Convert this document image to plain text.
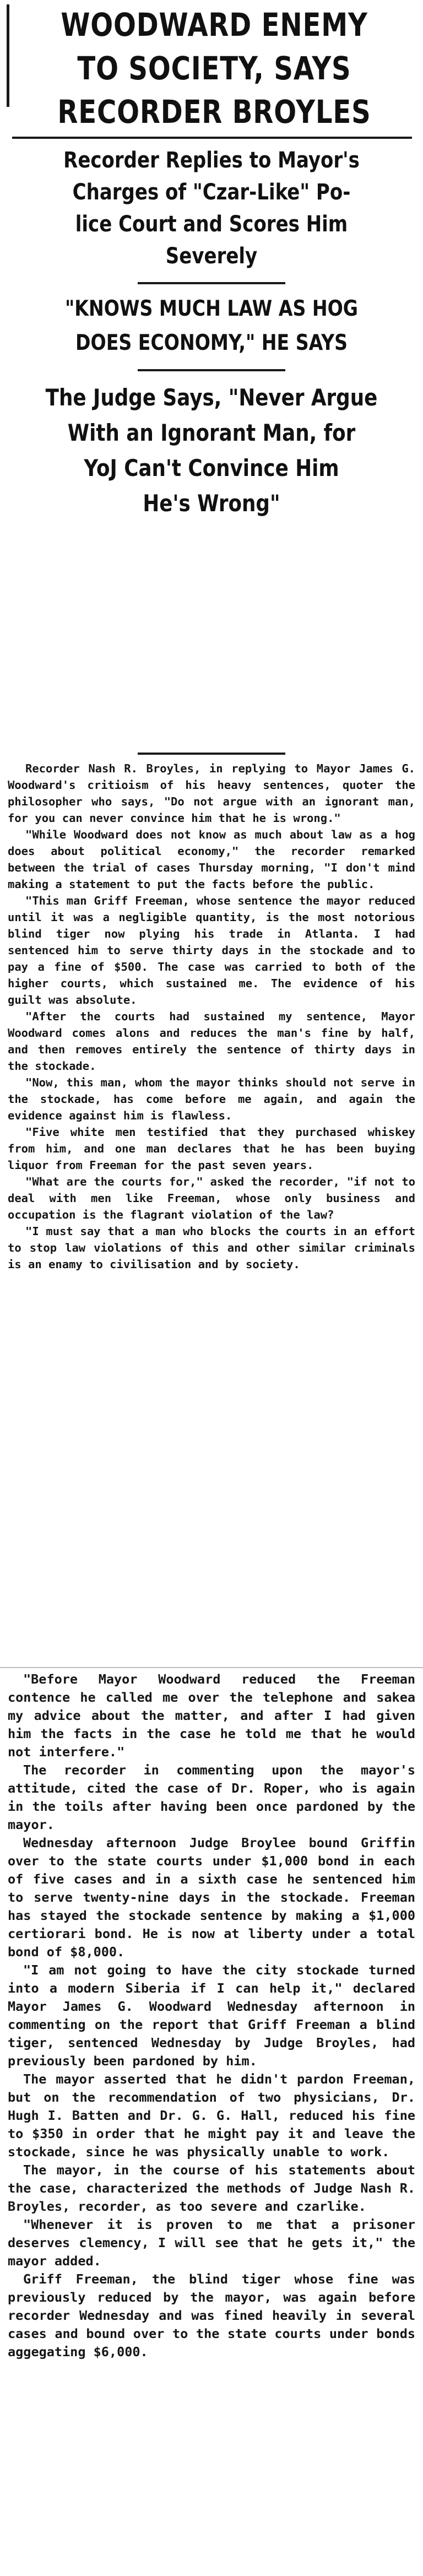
WOODWARD ENEMY
TO SOCIETY, SAYS
RECORDER BROYLES
Recorder Replies to Mayor's
Charges of "Czar-Like" Po-
lice Court and Scores Him
Severely
"KNOWS MUCH LAW AS HOG
DOES ECONOMY," HE SAYS
The Judge Says, "Never Argue
With an Ignorant Man, for
YoJ Can't Convince Him
He's Wrong"

Recorder Nash R. Broyles, in replying to Mayor James G. Woodward's critioism of his heavy sentences, quoter the philosopher who says, "Do not argue with an ignorant man, for you can never convince him that he is wrong."

"While Woodward does not know as much about law as a hog does about political economy," the recorder remarked between the trial of cases Thursday morning, "I don't mind making a statement to put the facts before the public.

"This man Griff Freeman, whose sentence the mayor reduced until it was a negligible quantity, is the most notorious blind tiger now plying his trade in Atlanta. I had sentenced him to serve thirty days in the stockade and to pay a fine of $500. The case was carried to both of the higher courts, which sustained me. The evidence of his guilt was absolute.

"After the courts had sustained my sentence, Mayor Woodward comes alons and reduces the man's fine by half, and then removes entirely the sentence of thirty days in the stockade.

"Now, this man, whom the mayor thinks should not serve in the stockade, has come before me again, and again the evidence against him is flawless.

"Five white men testified that they purchased whiskey from him, and one man declares that he has been buying liquor from Freeman for the past seven years.

"What are the courts for," asked the recorder, "if not to deal with men like Freeman, whose only business and occupation is the flagrant violation of the law?

"I must say that a man who blocks the courts in an effort to stop law violations of this and other similar criminals is an enamy to civilisation and by society.

"Before Mayor Woodward reduced the Freeman contence he called me over the telephone and sakea my advice about the matter, and after I had given him the facts in the case he told me that he would not interfere."

The recorder in commenting upon the mayor's attitude, cited the case of Dr. Roper, who is again in the toils after having been once pardoned by the mayor.

Wednesday afternoon Judge Broylee bound Griffin over to the state courts under $1,000 bond in each of five cases and in a sixth case he sentenced him to serve twenty-nine days in the stockade. Freeman has stayed the stockade sentence by making a $1,000 certiorari bond. He is now at liberty under a total bond of $8,000.

"I am not going to have the city stockade turned into a modern Siberia if I can help it," declared Mayor James G. Woodward Wednesday afternoon in commenting on the report that Griff Freeman a blind tiger, sentenced Wednesday by Judge Broyles, had previously been pardoned by him.

The mayor asserted that he didn't pardon Freeman, but on the recommendation of two physicians, Dr. Hugh I. Batten and Dr. G. G. Hall, reduced his fine to $350 in order that he might pay it and leave the stockade, since he was physically unable to work.

The mayor, in the course of his statements about the case, characterized the methods of Judge Nash R. Broyles, recorder, as too severe and czarlike.

"Whenever it is proven to me that a prisoner deserves clemency, I will see that he gets it," the mayor added.

Griff Freeman, the blind tiger whose fine was previously reduced by the mayor, was again before recorder Wednesday and was fined heavily in several cases and bound over to the state courts under bonds aggegating $6,000.
